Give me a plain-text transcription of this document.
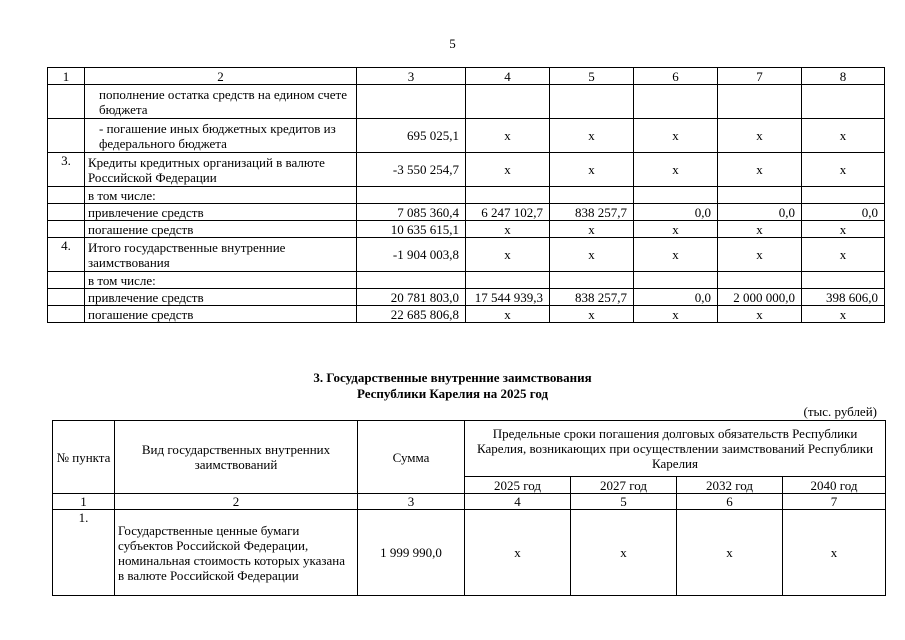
5
1	2	3	4	5	6	7	8
	пополнение остатка средств на едином счете бюджета						
	- погашение иных бюджетных кредитов из федерального бюджета	695 025,1	x	x	x	x	x
3.	Кредиты кредитных организаций в валюте Российской Федерации	-3 550 254,7	x	x	x	x	x
	в том числе:						
	привлечение средств	7 085 360,4	6 247 102,7	838 257,7	0,0	0,0	0,0
	погашение средств	10 635 615,1	x	x	x	x	x
4.	Итого государственные внутренние заимствования	-1 904 003,8	x	x	x	x	x
	в том числе:						
	привлечение средств	20 781 803,0	17 544 939,3	838 257,7	0,0	2 000 000,0	398 606,0
	погашение средств	22 685 806,8	x	x	x	x	x
3. Государственные внутренние заимствования
Республики Карелия на 2025 год
(тыс. рублей)
№ пункта	Вид государственных внутренних заимствований	Сумма	Предельные сроки погашения долговых обязательств Республики Карелия, возникающих при осуществлении заимствований Республики Карелия			
			2025 год	2027 год	2032 год	2040 год
1	2	3	4	5	6	7
1.	Государственные ценные бумаги субъектов Российской Федерации, номинальная стоимость которых указана в валюте Российской Федерации	1 999 990,0	x	x	x	x
